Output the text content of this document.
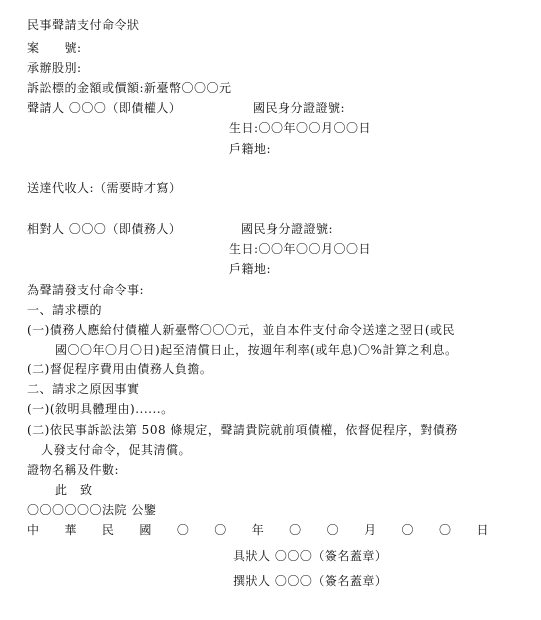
民事聲請支付命令狀
案　　號:
承辦股別:
訴訟標的金額或價額:新臺幣〇〇〇元
聲請人 〇〇〇（即債權人）	國民身分證證號:
生日:〇〇年〇〇月〇〇日
戶籍地:
送達代收人:（需要時才寫）
相對人 〇〇〇（即債務人）	國民身分證證號:
生日:〇〇年〇〇月〇〇日
戶籍地:
為聲請發支付命令事:
一、請求標的
(一)債務人應給付債權人新臺幣〇〇〇元，並自本件支付命令送達之翌日(或民
國〇〇年〇月〇日)起至清償日止，按週年利率(或年息)〇%計算之利息。
(二)督促程序費用由債務人負擔。
二、請求之原因事實
(一)(敘明具體理由)......。
(二)依民事訴訟法第 508 條規定，聲請貴院就前項債權，依督促程序，對債務
人發支付命令，促其清償。
證物名稱及件數:
此　致
〇〇〇〇〇〇法院 公鑒
中 華 民 國 〇 〇 年 〇 〇 月 〇 〇 日
具狀人 〇〇〇（簽名蓋章）
撰狀人 〇〇〇（簽名蓋章）
